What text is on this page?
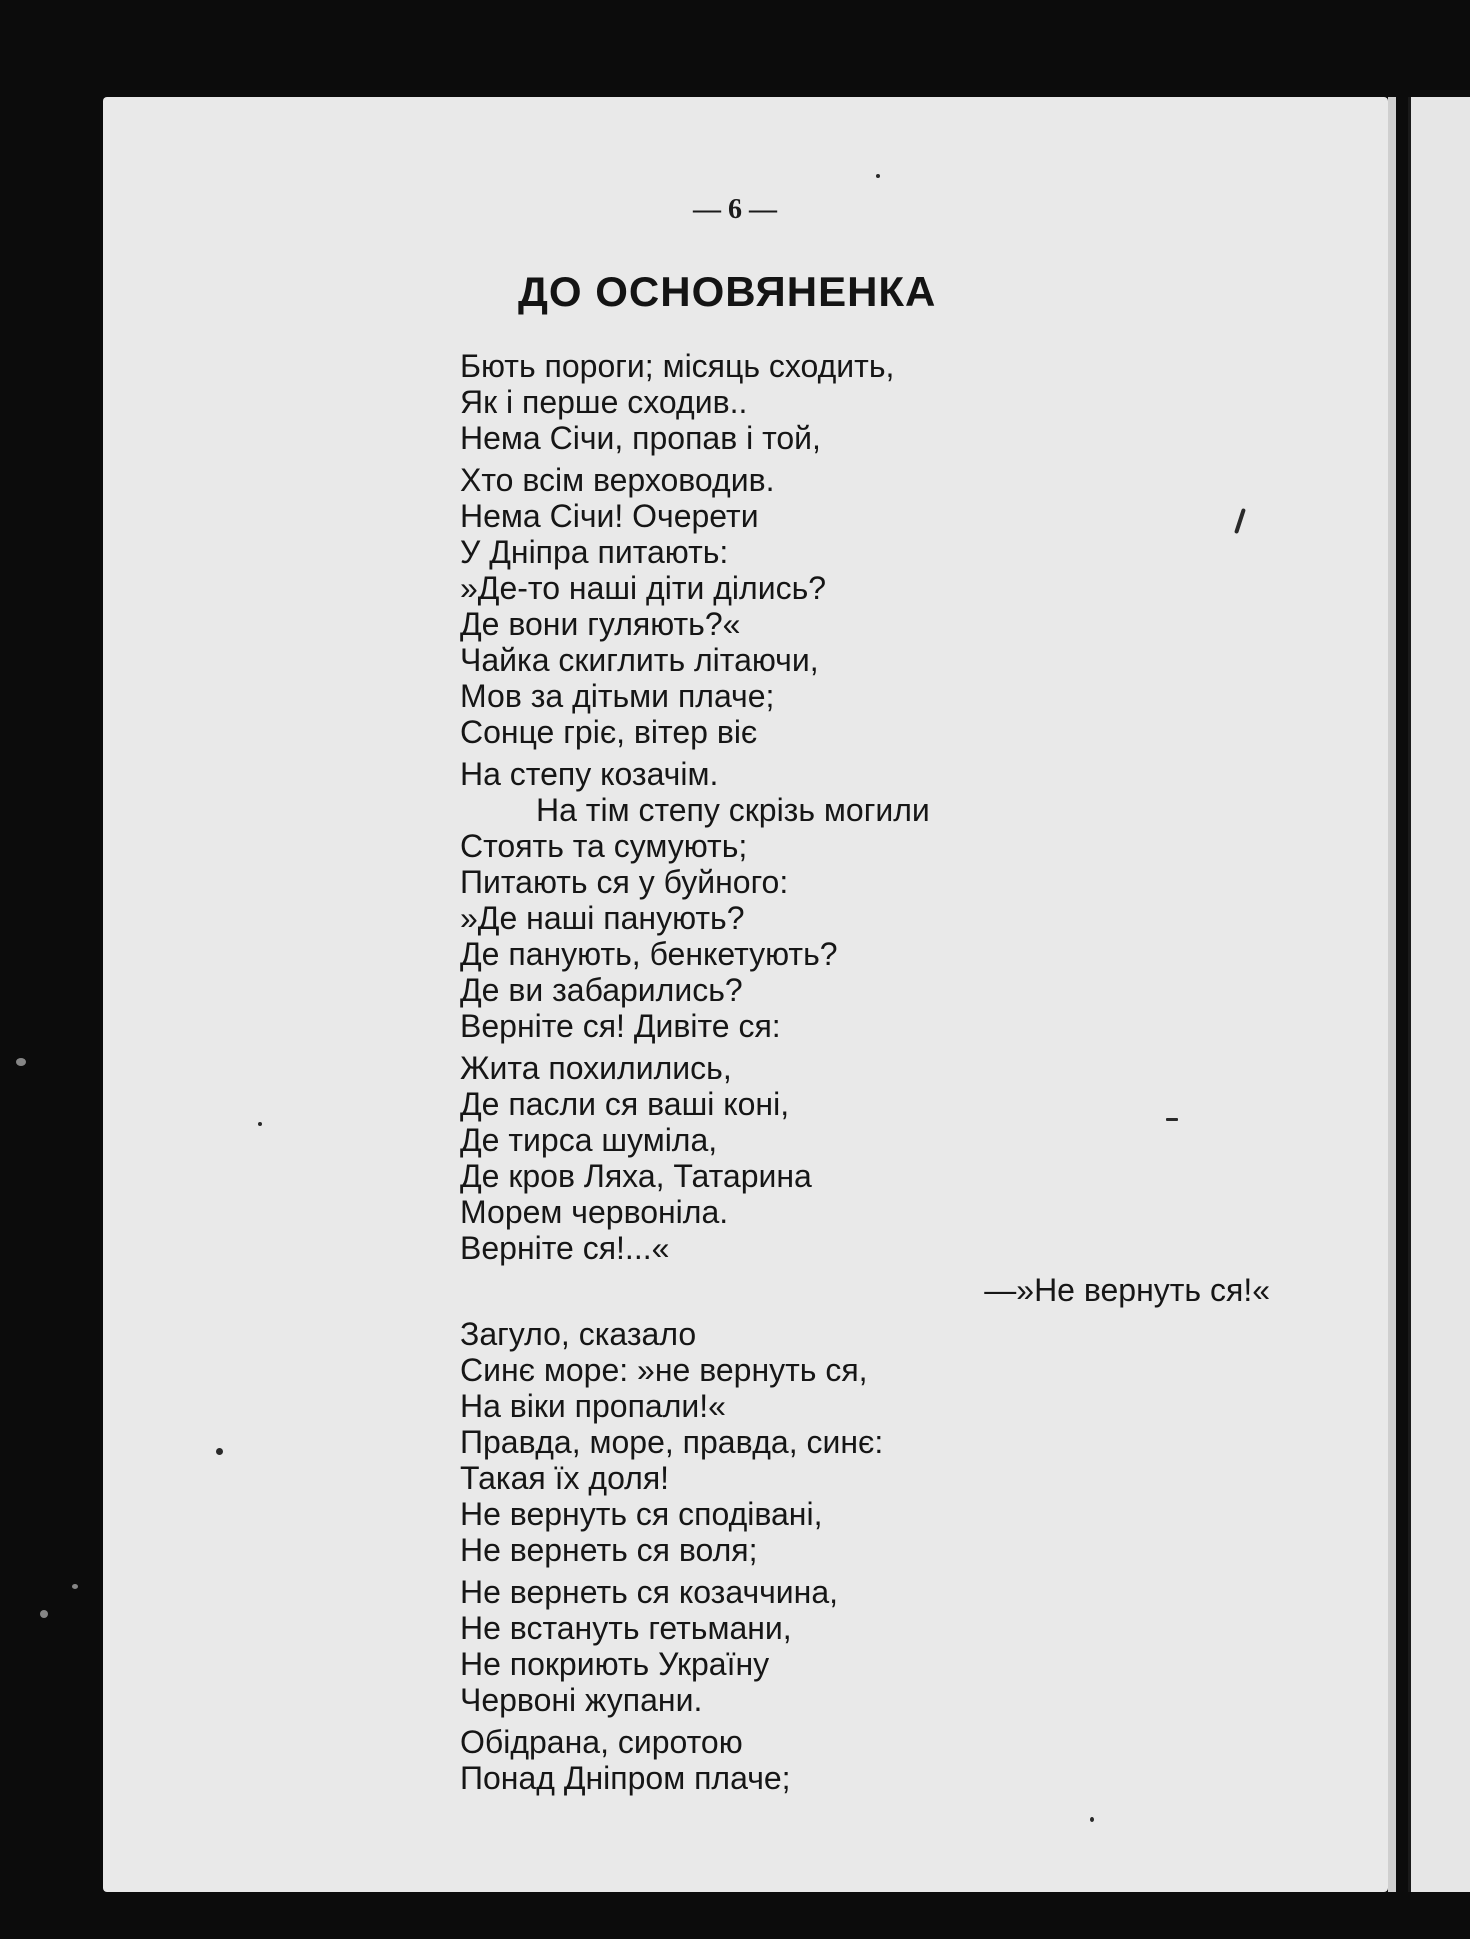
— 6 —
ДО ОСНОВЯНЕНКА
Бють пороги; місяць сходить,
Як і перше сходив..
Нема Січи, пропав і той,
Хто всім верховодив.
Нема Січи! Очерети
У Дніпра питають:
»Де-то наші діти ділись?
Де вони гуляють?«
Чайка скиглить літаючи,
Мов за дітьми плаче;
Сонце гріє, вітер віє
На степу козачім.
На тім степу скрізь могили
Стоять та сумують;
Питають ся у буйного:
»Де наші панують?
Де панують, бенкетують?
Де ви забарились?
Верніте ся! Дивіте ся:
Жита похилились,
Де пасли ся ваші коні,
Де тирса шуміла,
Де кров Ляха, Татарина
Морем червоніла.
Верніте ся!...«
—»Не вернуть ся!«
Загуло, сказало
Синє море: »не вернуть ся,
На віки пропали!«
Правда, море, правда, синє:
Такая їх доля!
Не вернуть ся сподівані,
Не вернеть ся воля;
Не вернеть ся козаччина,
Не встануть гетьмани,
Не покриють Україну
Червоні жупани.
Обідрана, сиротою
Понад Дніпром плаче;
